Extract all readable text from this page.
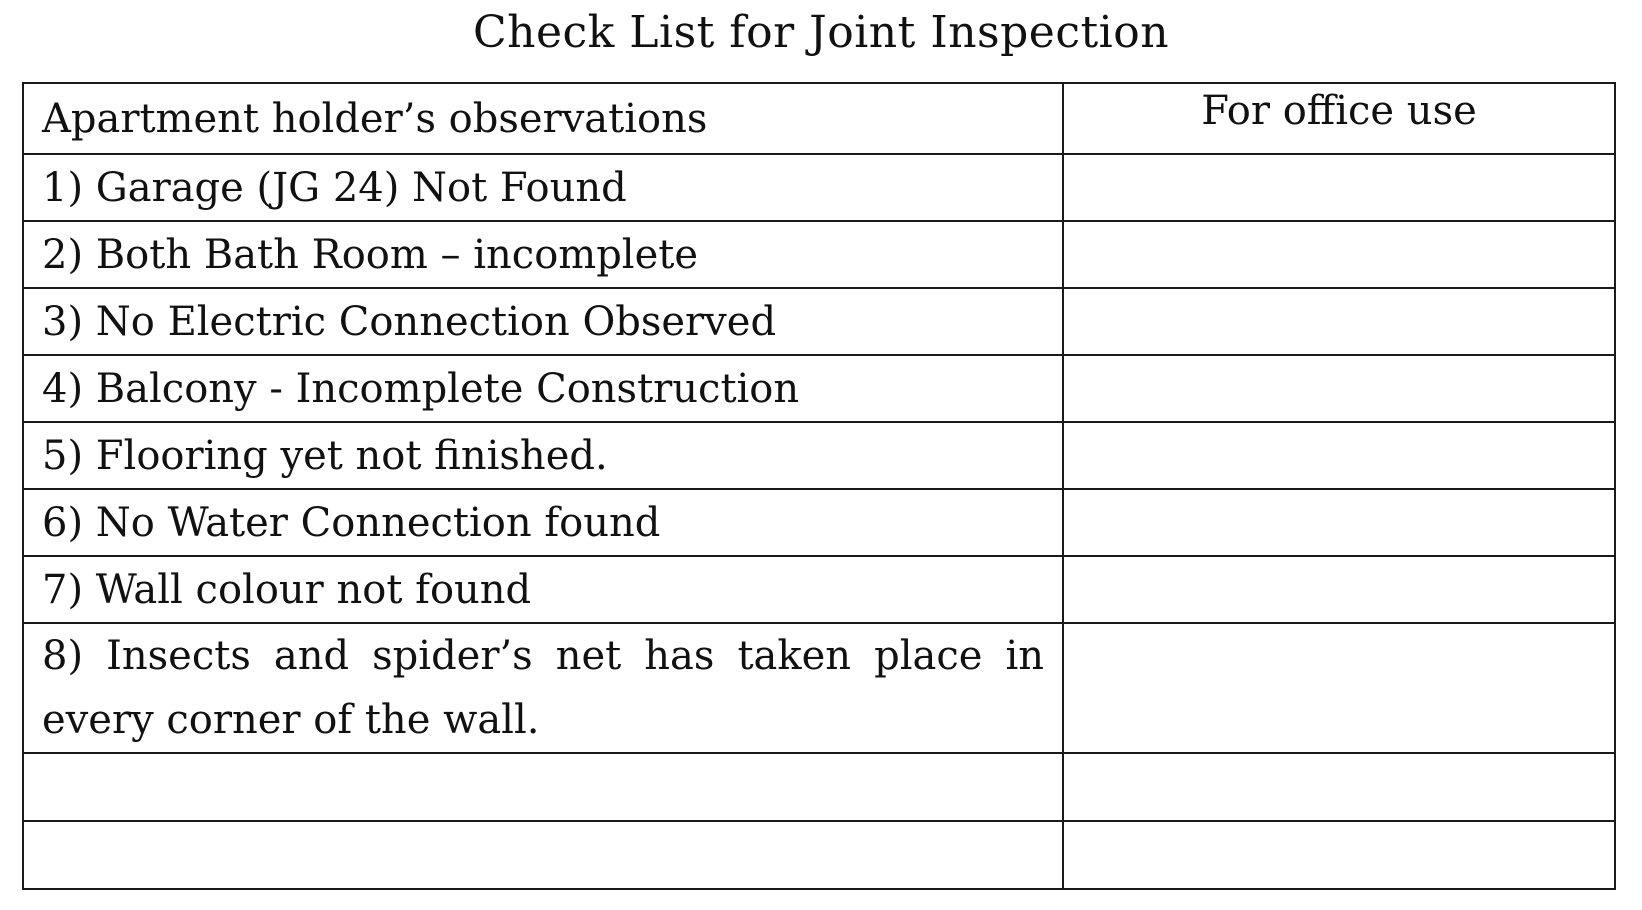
Check List for Joint Inspection
Apartment holder’s observations	For office use
1) Garage (JG 24) Not Found	
2) Both Bath Room – incomplete	
3) No Electric Connection Observed	
4) Balcony - Incomplete Construction	
5) Flooring yet not finished.	
6) No Water Connection found	
7) Wall colour not found	
8) Insects and spider’s net has taken place in every corner of the wall.	
